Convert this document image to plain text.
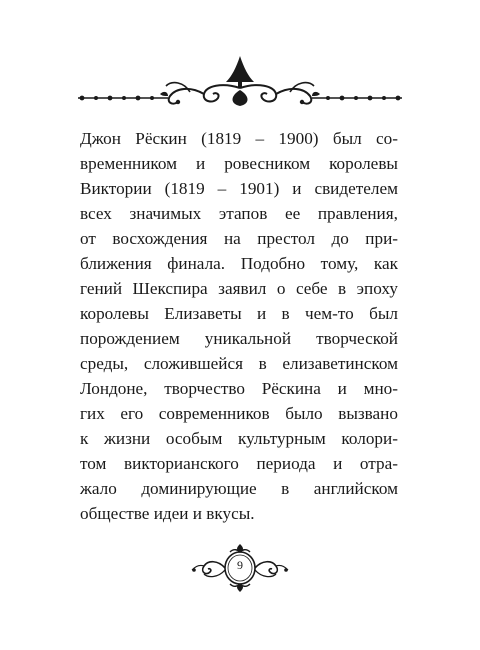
Джон Рёскин (1819 – 1900) был со-
временником и ровесником королевы
Виктории (1819 – 1901) и свидетелем
всех значимых этапов ее правления,
от восхождения на престол до при-
ближения финала. Подобно тому, как
гений Шекспира заявил о себе в эпоху
королевы Елизаветы и в чем-то был
порождением уникальной творческой
среды, сложившейся в елизаветинском
Лондоне, творчество Рёскина и мно-
гих его современников было вызвано
к жизни особым культурным колори-
том викторианского периода и отра-
жало доминирующие в английском
обществе идеи и вкусы.
9
